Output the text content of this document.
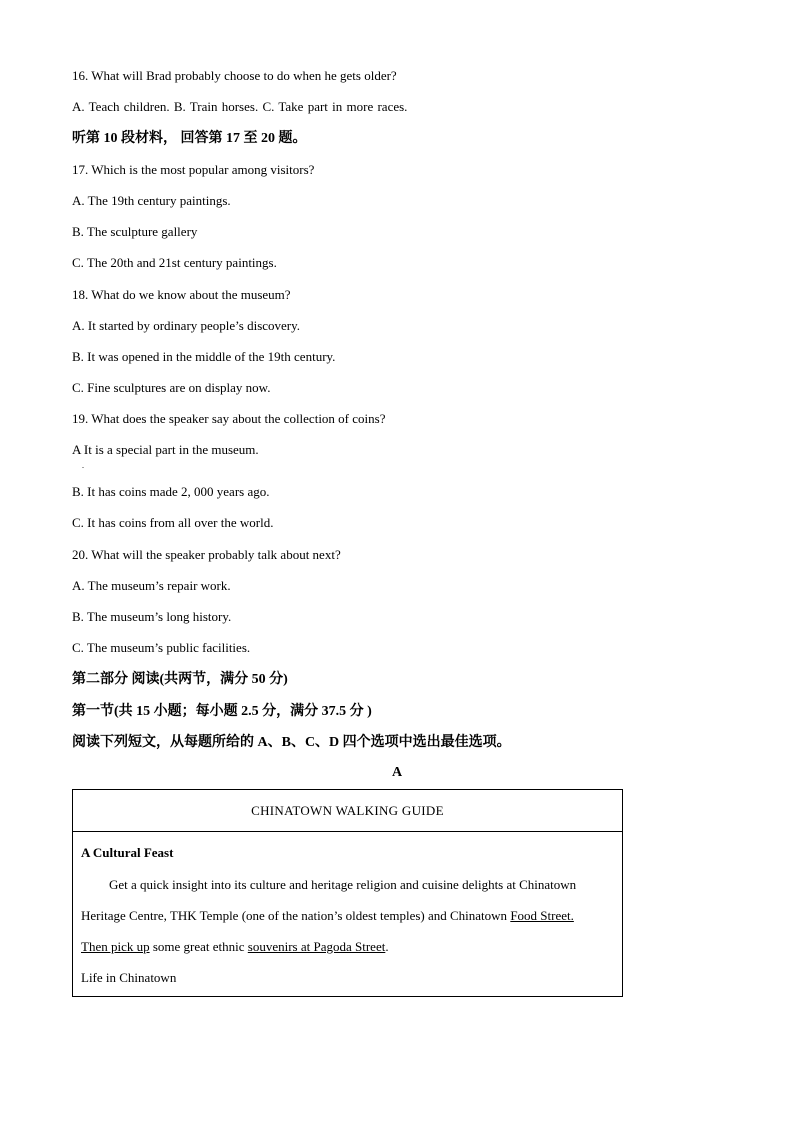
16. What will Brad probably choose to do when he gets older?
A. Teach children. B. Train horses. C. Take part in more races.
听第 10 段材料， 回答第 17 至 20 题。
17. Which is the most popular among visitors?
A. The 19th century paintings.
B. The sculpture gallery
C. The 20th and 21st century paintings.
18. What do we know about the museum?
A. It started by ordinary people’s discovery.
B. It was opened in the middle of the 19th century.
C. Fine sculptures are on display now.
19. What does the speaker say about the collection of coins?
A It is a special part in the museum.
.
B. It has coins made 2, 000 years ago.
C. It has coins from all over the world.
20. What will the speaker probably talk about next?
A. The museum’s repair work.
B. The museum’s long history.
C. The museum’s public facilities.
第二部分 阅读(共两节，满分 50 分)
第一节(共 15 小题；每小题 2.5 分，满分 37.5 分 )
阅读下列短文，从每题所给的 A、B、C、D 四个选项中选出最佳选项。
A
CHINATOWN WALKING GUIDE
A Cultural Feast
Get a quick insight into its culture and heritage religion and cuisine delights at Chinatown
Heritage Centre, THK Temple (one of the nation’s oldest temples) and Chinatown Food Street.
Then pick up some great ethnic souvenirs at Pagoda Street.
Life in Chinatown
